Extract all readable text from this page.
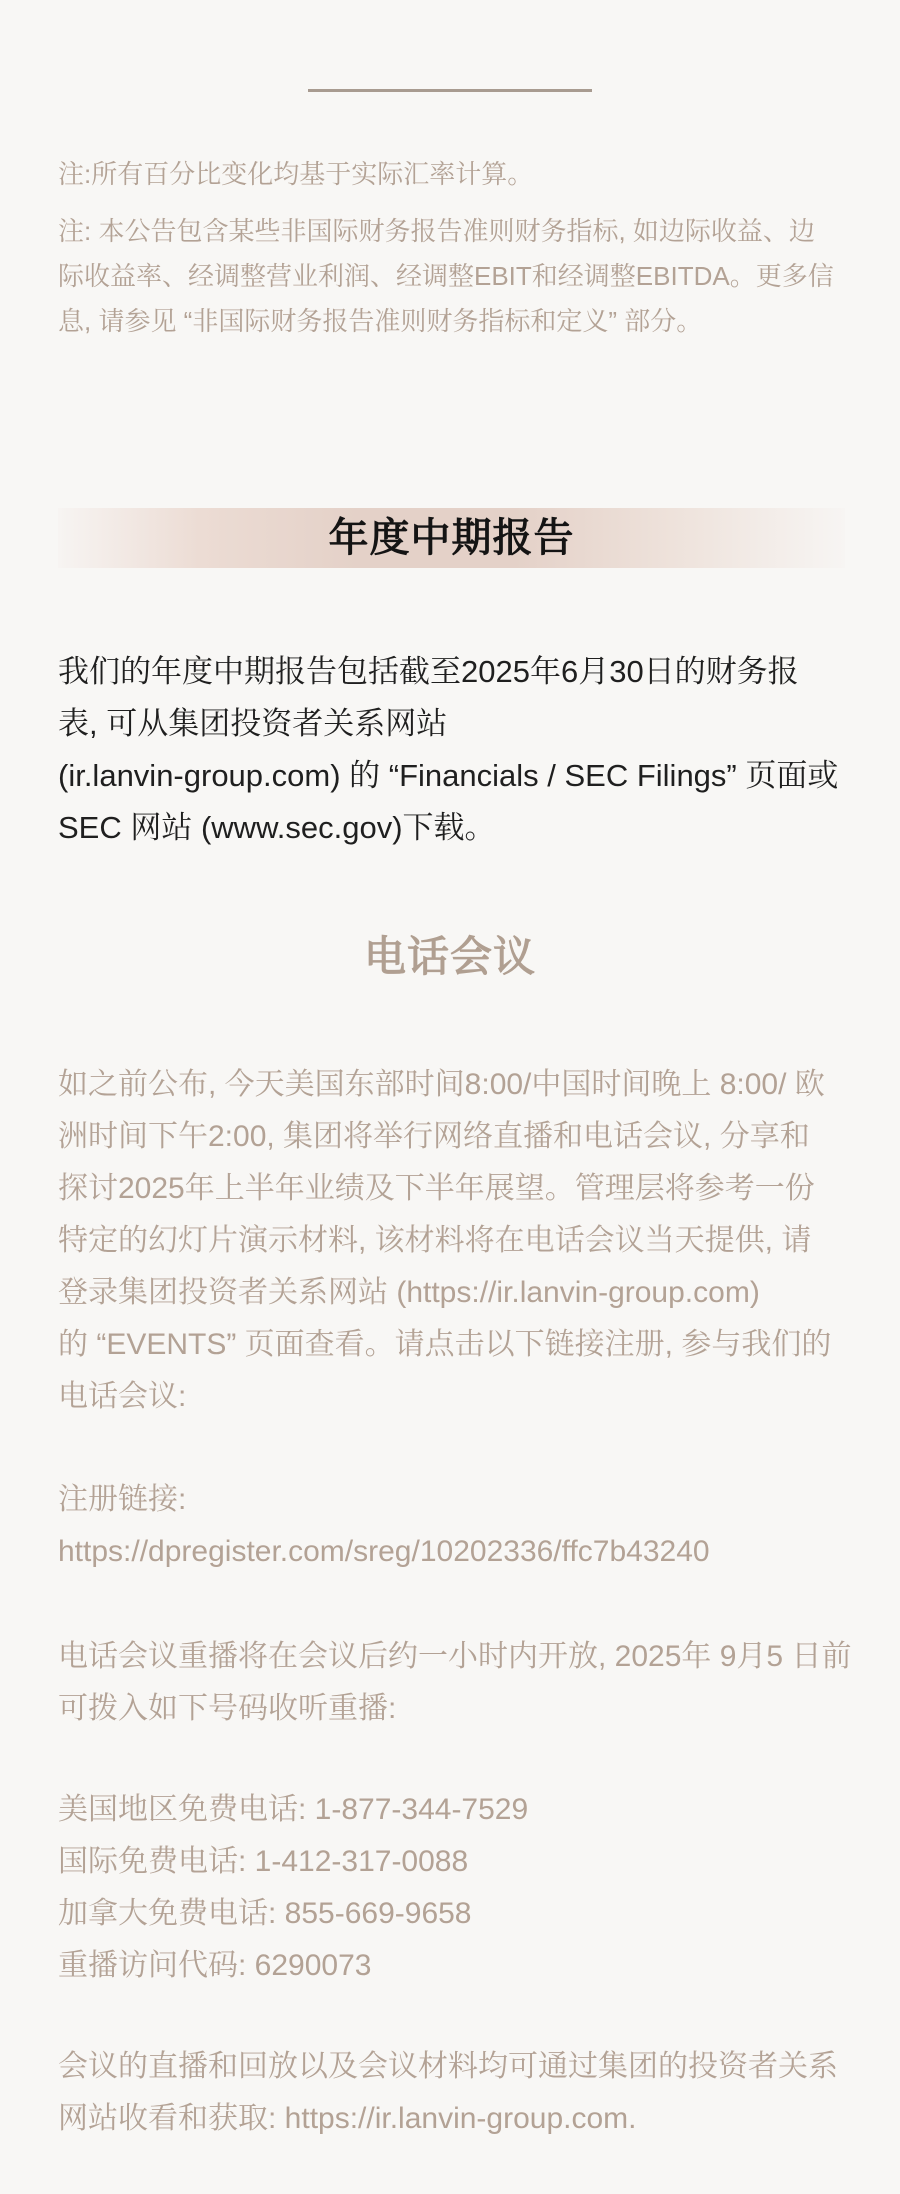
注:所有百分比变化均基于实际汇率计算。
注: 本公告包含某些非国际财务报告准则财务指标, 如边际收益、边
际收益率、经调整营业利润、经调整EBIT和经调整EBITDA。更多信
息, 请参见 “非国际财务报告准则财务指标和定义” 部分。
年度中期报告
我们的年度中期报告包括截至2025年6月30日的财务报
表, 可从集团投资者关系网站
(ir.lanvin-group.com) 的 “Financials / SEC Filings” 页面或
SEC 网站 (www.sec.gov)下载。
电话会议
如之前公布, 今天美国东部时间8:00/中国时间晚上 8:00/ 欧
洲时间下午2:00, 集团将举行网络直播和电话会议, 分享和
探讨2025年上半年业绩及下半年展望。管理层将参考一份
特定的幻灯片演示材料, 该材料将在电话会议当天提供, 请
登录集团投资者关系网站 (https://ir.lanvin-group.com)
的 “EVENTS” 页面查看。请点击以下链接注册, 参与我们的
电话会议:
注册链接:
https://dpregister.com/sreg/10202336/ffc7b43240
电话会议重播将在会议后约一小时内开放, 2025年 9月5 日前
可拨入如下号码收听重播:
美国地区免费电话: 1-877-344-7529
国际免费电话: 1-412-317-0088
加拿大免费电话: 855-669-9658
重播访问代码: 6290073
会议的直播和回放以及会议材料均可通过集团的投资者关系
网站收看和获取: https://ir.lanvin-group.com.
